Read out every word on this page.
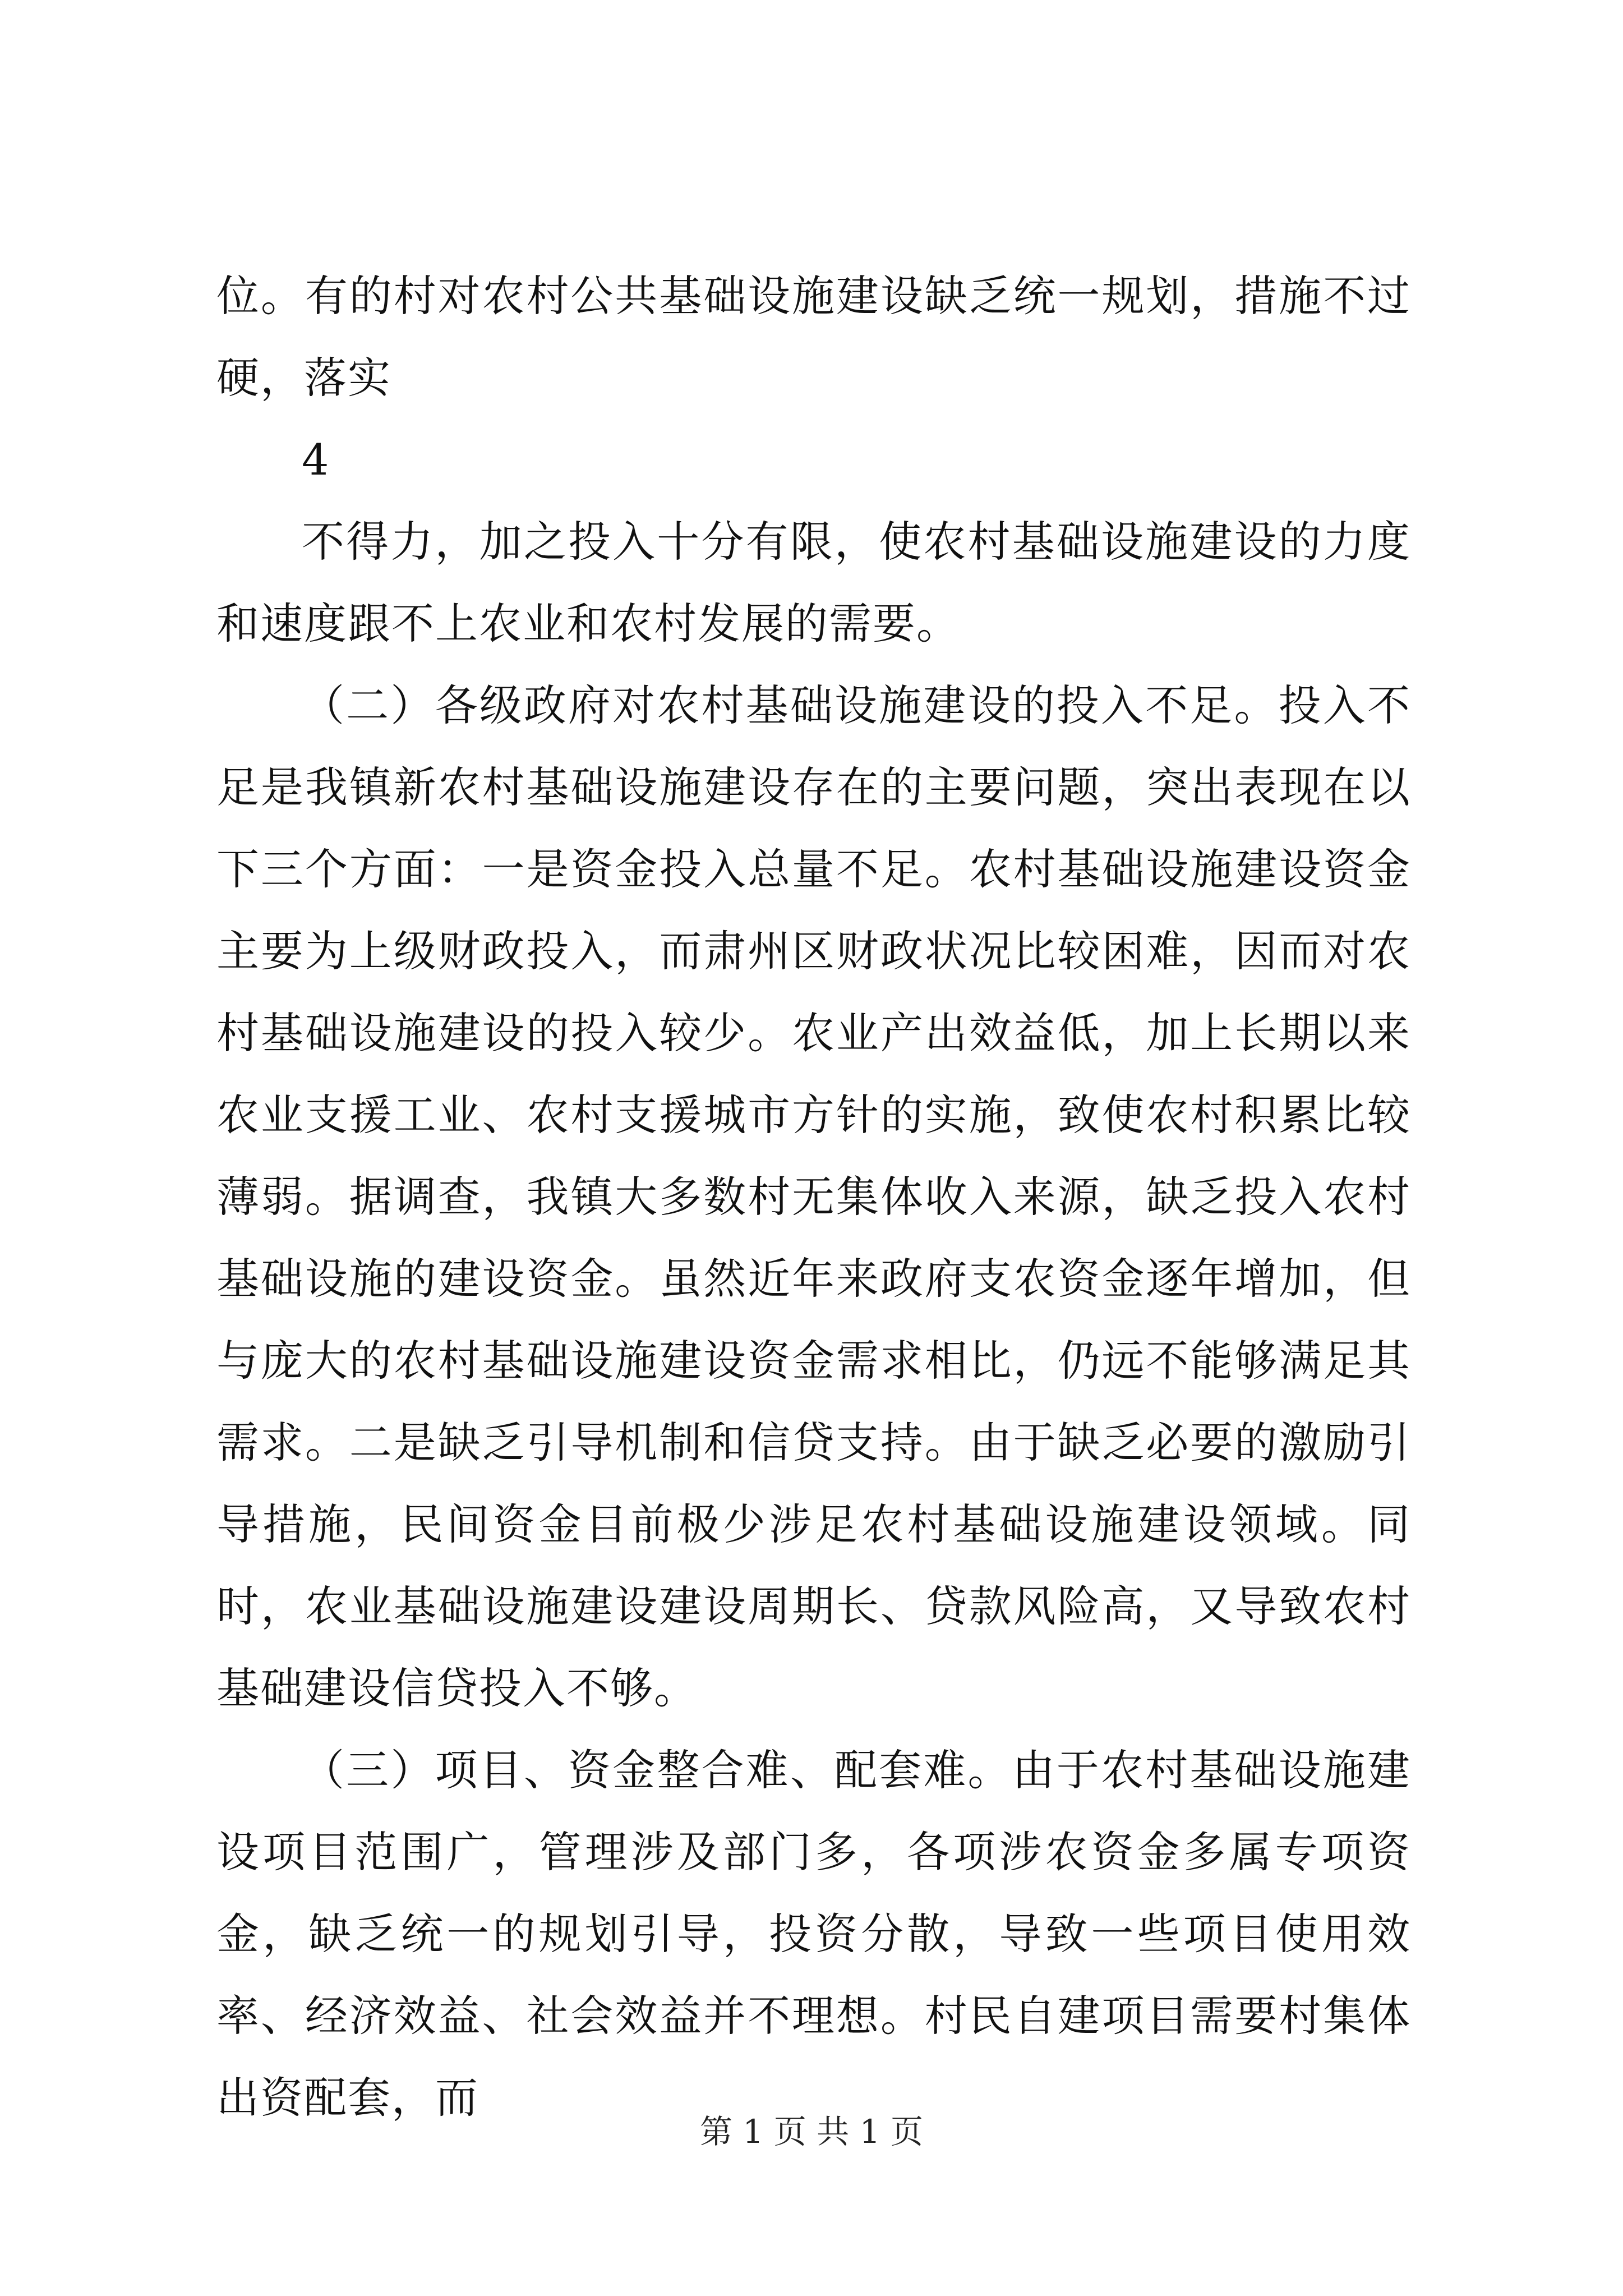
位。有的村对农村公共基础设施建设缺乏统一规划，措施不过硬，落实

4

不得力，加之投入十分有限，使农村基础设施建设的力度和速度跟不上农业和农村发展的需要。

（二）各级政府对农村基础设施建设的投入不足。投入不足是我镇新农村基础设施建设存在的主要问题，突出表现在以下三个方面：一是资金投入总量不足。农村基础设施建设资金主要为上级财政投入，而肃州区财政状况比较困难，因而对农村基础设施建设的投入较少。农业产出效益低，加上长期以来农业支援工业、农村支援城市方针的实施，致使农村积累比较薄弱。据调查，我镇大多数村无集体收入来源，缺乏投入农村基础设施的建设资金。虽然近年来政府支农资金逐年增加，但与庞大的农村基础设施建设资金需求相比，仍远不能够满足其需求。二是缺乏引导机制和信贷支持。由于缺乏必要的激励引导措施，民间资金目前极少涉足农村基础设施建设领域。同时，农业基础设施建设建设周期长、贷款风险高，又导致农村基础建设信贷投入不够。

（三）项目、资金整合难、配套难。由于农村基础设施建设项目范围广，管理涉及部门多，各项涉农资金多属专项资金，缺乏统一的规划引导，投资分散，导致一些项目使用效率、经济效益、社会效益并不理想。村民自建项目需要村集体出资配套，而

第 1 页 共 1 页
